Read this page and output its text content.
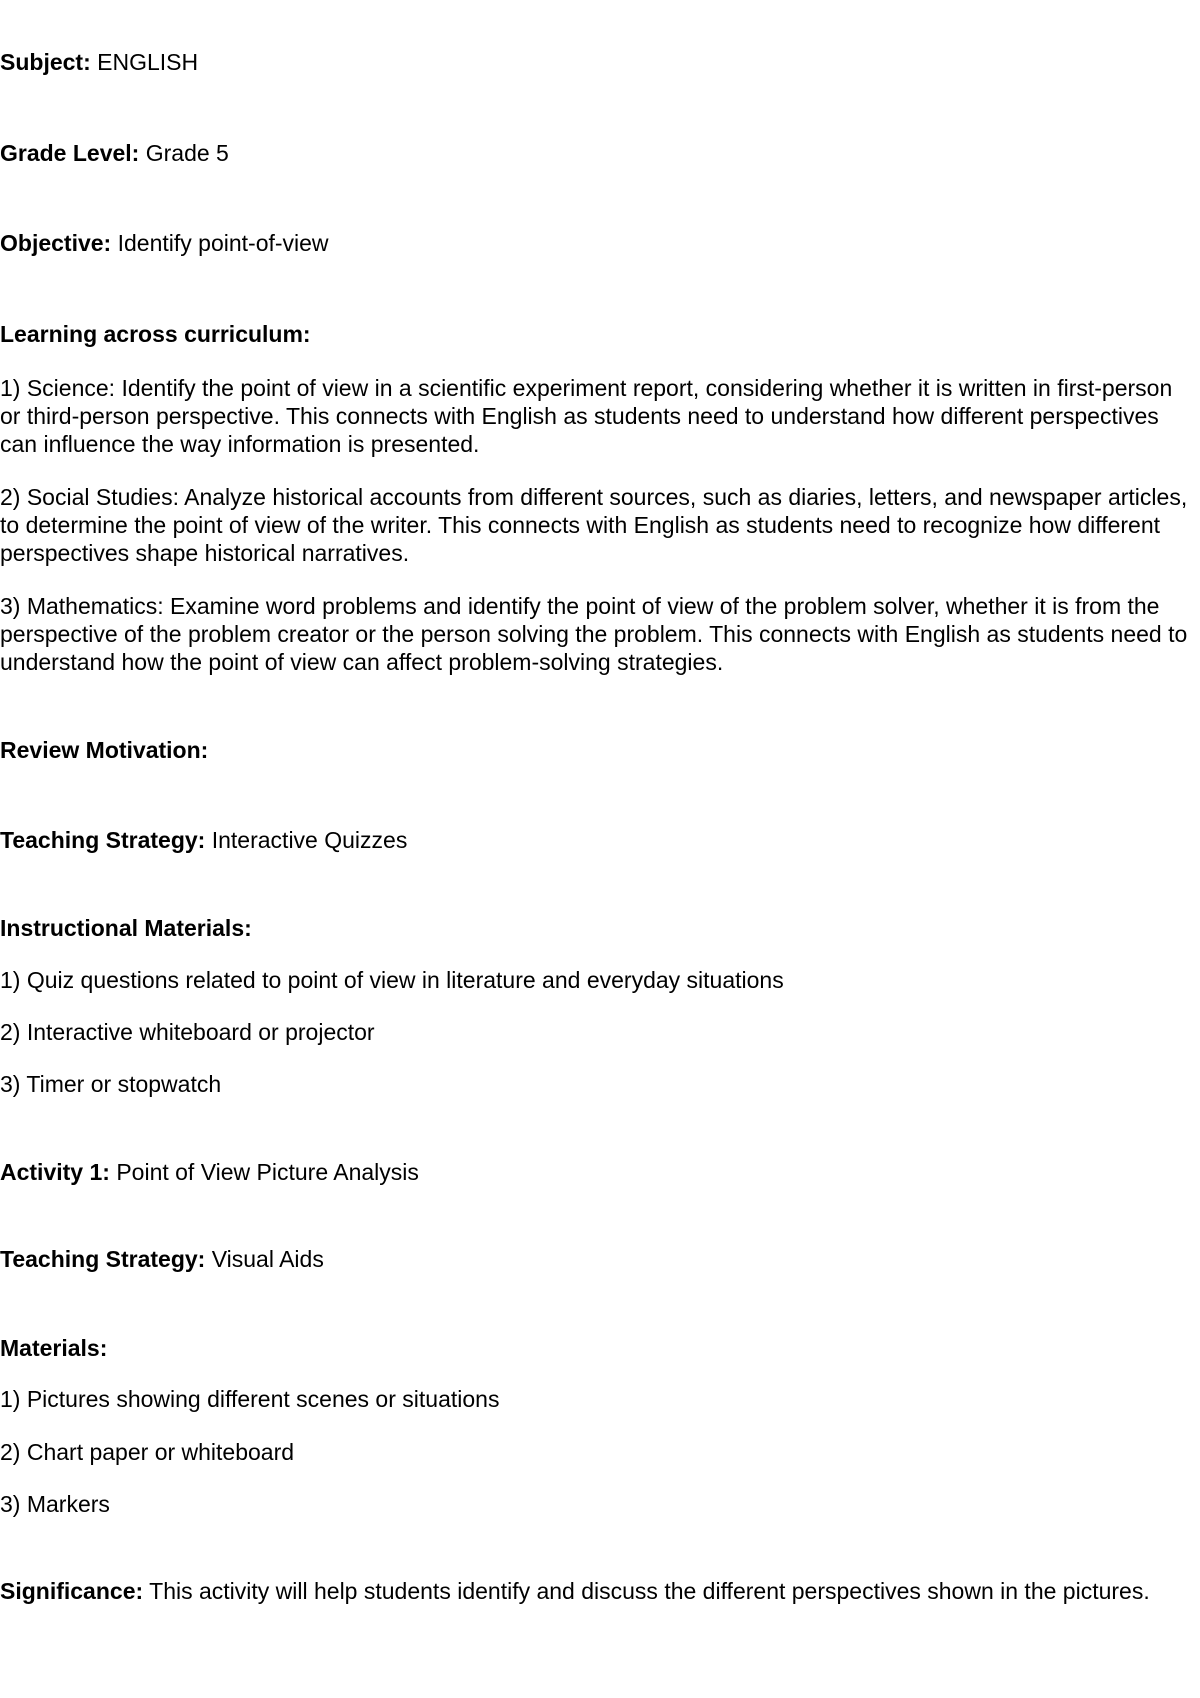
Subject: ENGLISH

Grade Level: Grade 5

Objective: Identify point-of-view

Learning across curriculum:

1) Science: Identify the point of view in a scientific experiment report, considering whether it is written in first-person or third-person perspective. This connects with English as students need to understand how different perspectives can influence the way information is presented.

2) Social Studies: Analyze historical accounts from different sources, such as diaries, letters, and newspaper articles, to determine the point of view of the writer. This connects with English as students need to recognize how different perspectives shape historical narratives.

3) Mathematics: Examine word problems and identify the point of view of the problem solver, whether it is from the perspective of the problem creator or the person solving the problem. This connects with English as students need to understand how the point of view can affect problem-solving strategies.

Review Motivation:

Teaching Strategy: Interactive Quizzes

Instructional Materials:

1) Quiz questions related to point of view in literature and everyday situations

2) Interactive whiteboard or projector

3) Timer or stopwatch

Activity 1: Point of View Picture Analysis

Teaching Strategy: Visual Aids

Materials:

1) Pictures showing different scenes or situations

2) Chart paper or whiteboard

3) Markers

Significance: This activity will help students identify and discuss the different perspectives shown in the pictures.
